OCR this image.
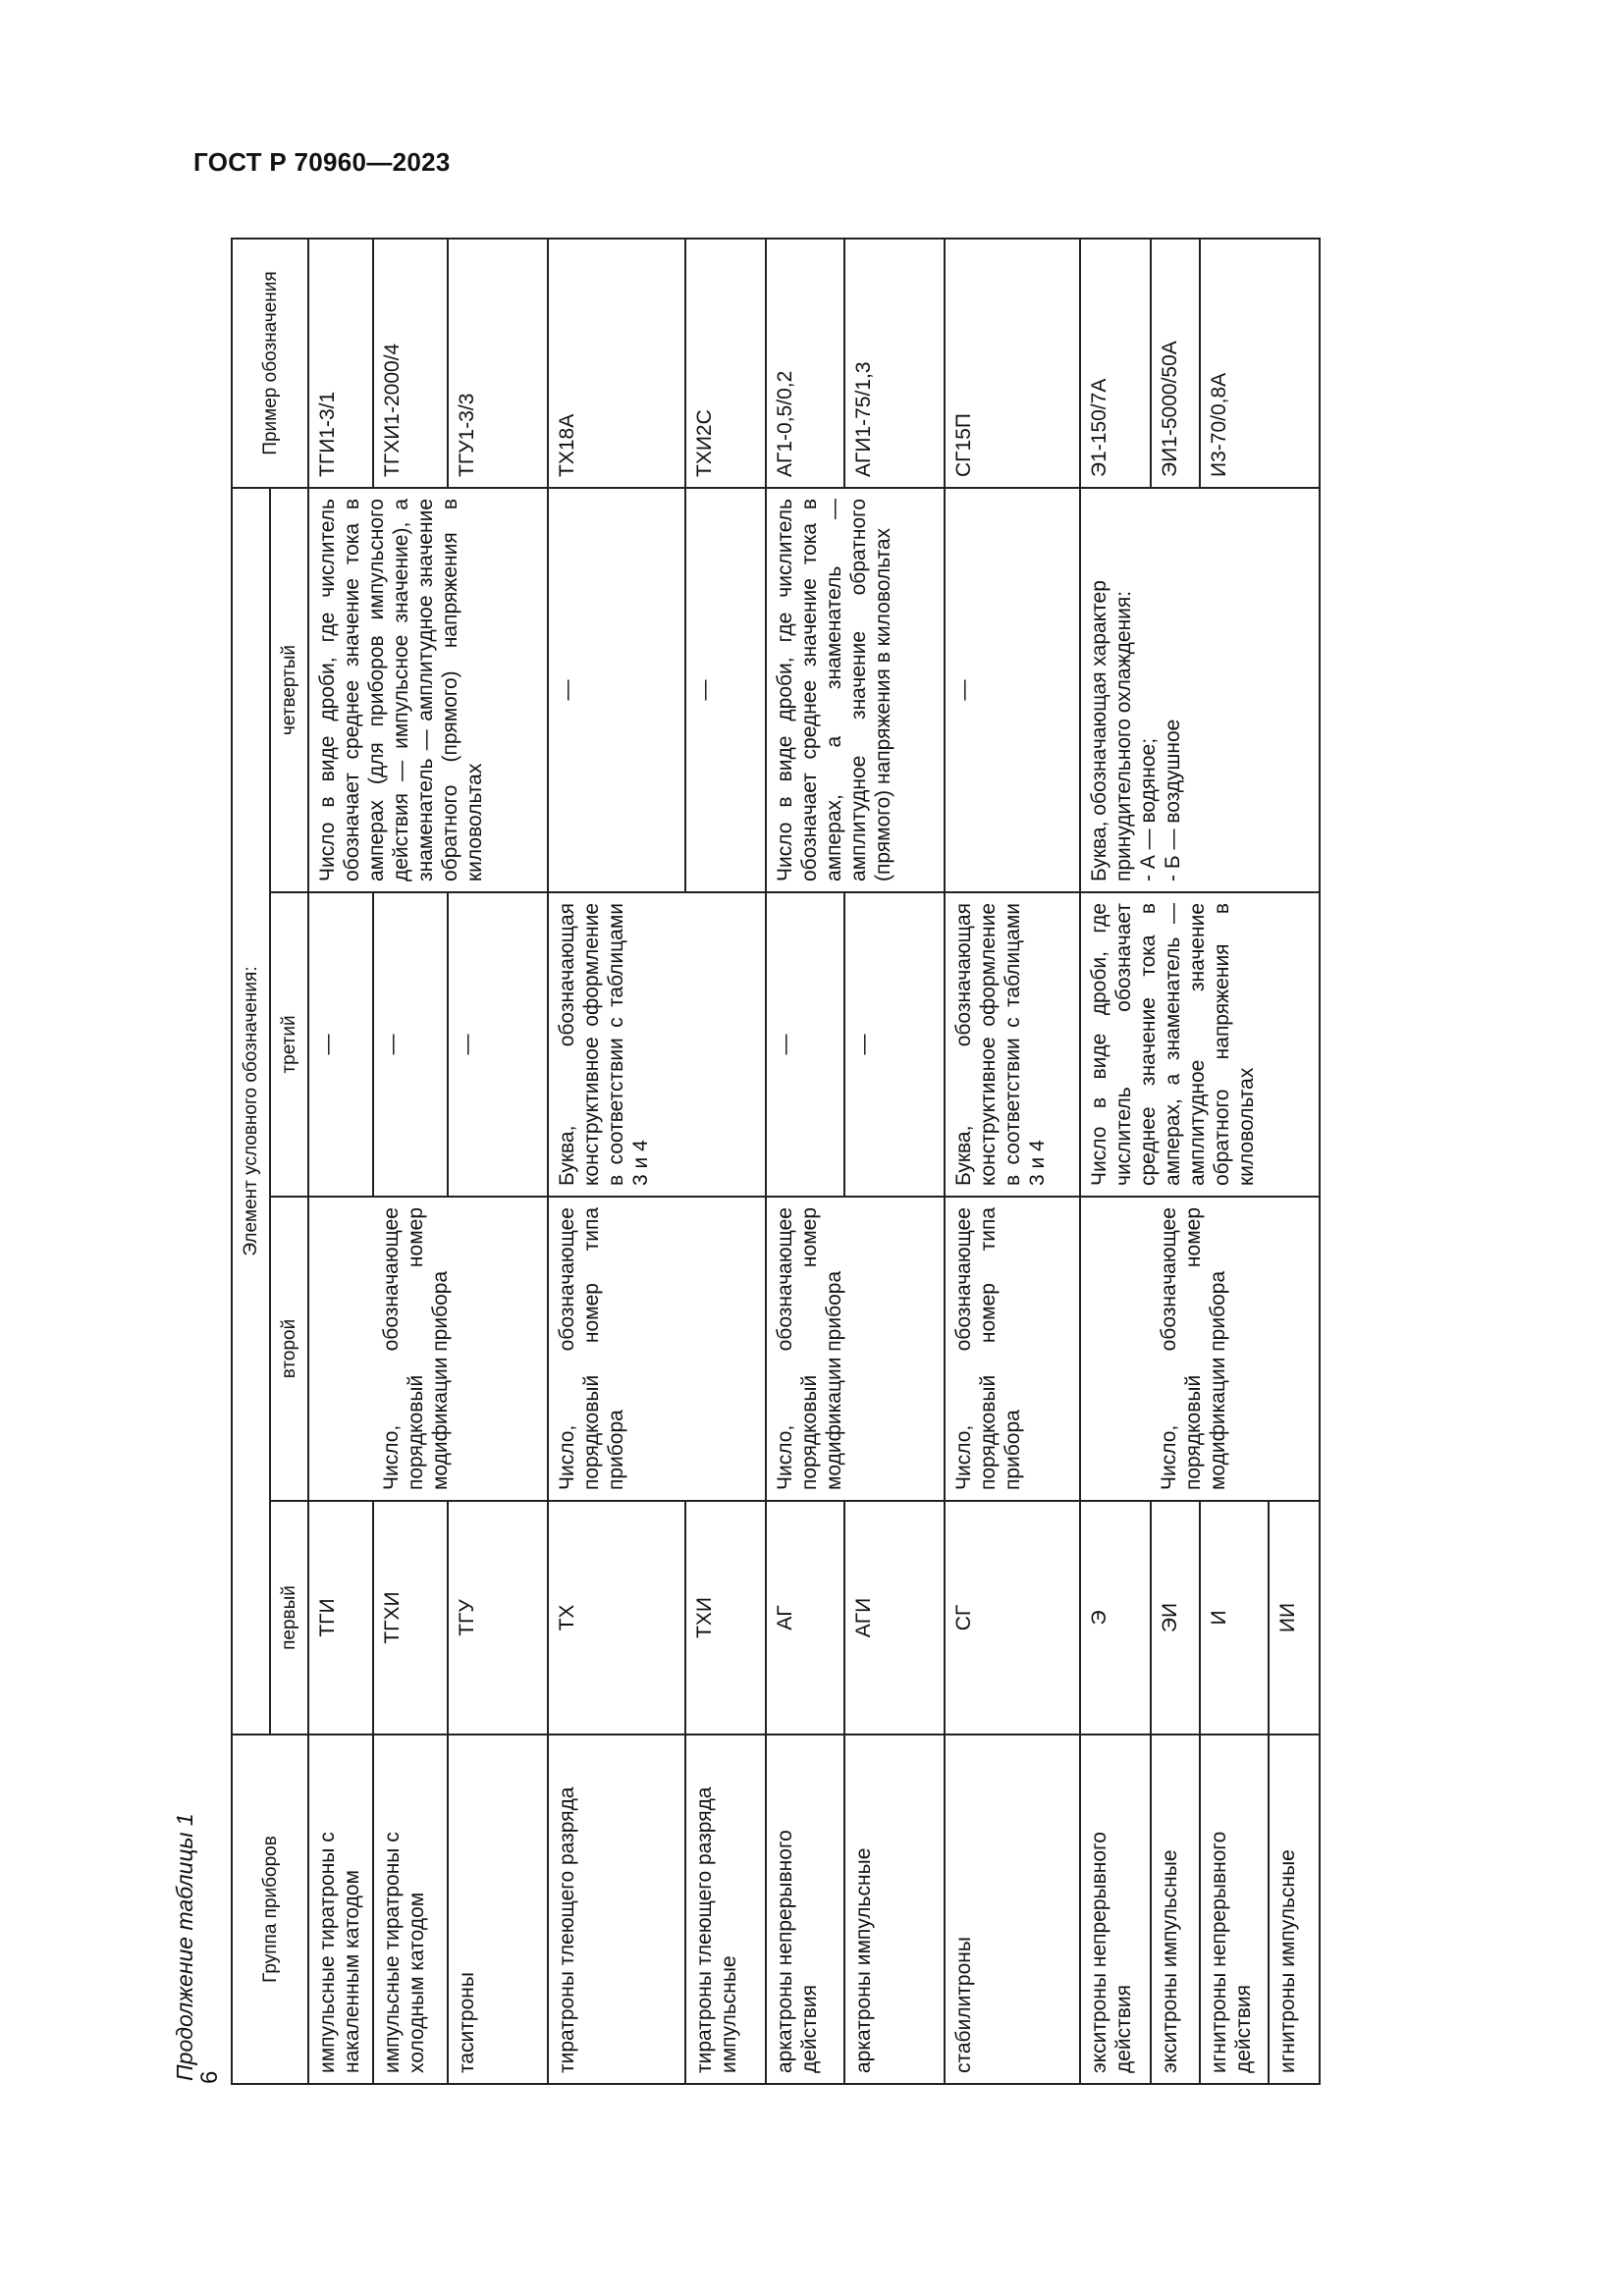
ГОСТ Р 70960—2023
6
Продолжение таблицы 1	Группа приборов	Элемент условного обозначения:				Пример обозначения
	первый	второй	третий	четвертый	
импульсные тиратроны с накаленным катодом	ТГИ		—	Число в виде дроби, где числитель обозначает среднее значение тока в амперах (для приборов импульсного действия — импульсное значение), а знаменатель — амплитудное значение обратного (прямого) напряжения в киловольтах	ТГИ1-3/1
импульсные тиратроны с холодным катодом	ТГХИ	Число, обозначающее порядковый номер модификации прибора	—		ТГХИ1-2000/4
таситроны	ТГУ		—		ТГУ1-3/3
тиратроны тлеющего разряда	ТХ	Число, обозначающее порядковый номер типа прибора	Буква, обозначающая конструктивное оформление в соответствии с таблицами 3 и 4	—	ТХ18А
тиратроны тлеющего разряда импульсные	ТХИ			—	ТХИ2С
аркатроны непрерывного действия	АГ	Число, обозначающее порядковый номер модификации прибора	—	Число в виде дроби, где числитель обозначает среднее значение тока в амперах, а знаменатель — амплитудное значение обратного (прямого) напряжения в киловольтах	АГ1-0,5/0,2
аркатроны импульсные	АГИ		—		АГИ1-75/1,3
стабилитроны	СГ	Число, обозначающее порядковый номер типа прибора	Буква, обозначающая конструктивное оформление в соответствии с таблицами 3 и 4	—	СГ15П
экситроны непрерывного действия	Э		Число в виде дроби, где числитель обозначает среднее значение тока в амперах, а знаменатель — амплитудное значение обратного напряжения в киловольтах	Буква, обозначающая характер принудительного охлаждения: - А — водяное; - Б — воздушное	Э1-150/7А
экситроны импульсные	ЭИ	Число, обозначающее порядковый номер модификации прибора			ЭИ1-5000/50А
игнитроны непрерывного действия	И				И3-70/0,8А
игнитроны импульсные	ИИ				
